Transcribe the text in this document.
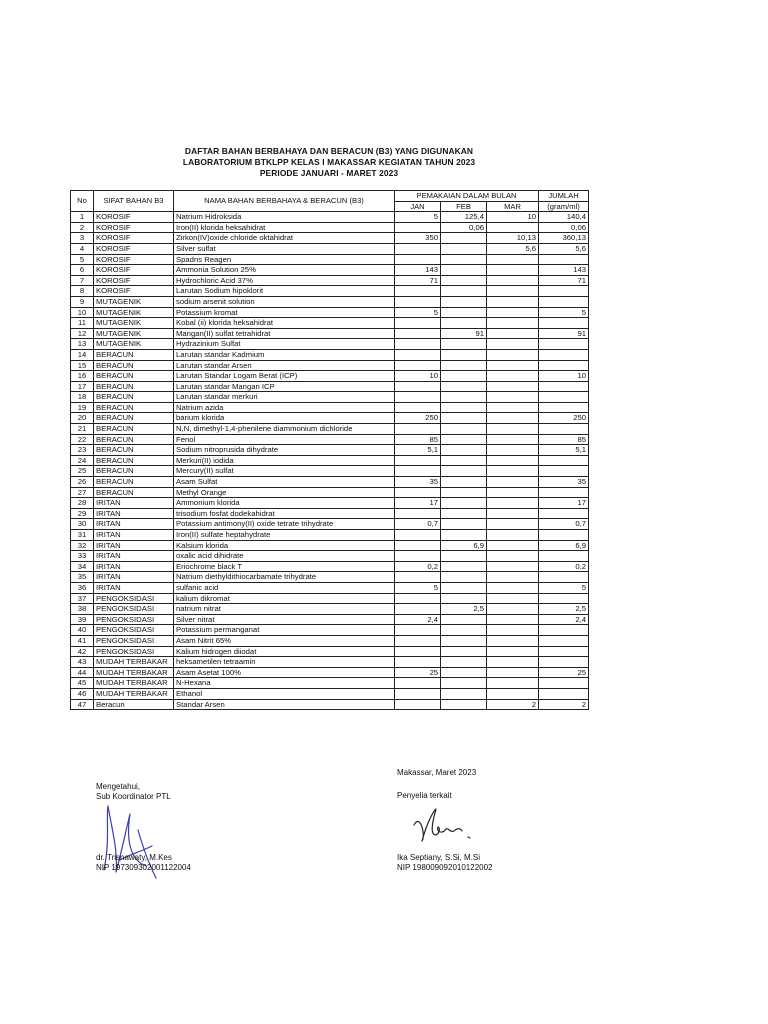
DAFTAR BAHAN BERBAHAYA DAN BERACUN (B3) YANG DIGUNAKAN
LABORATORIUM BTKLPP KELAS I MAKASSAR KEGIATAN TAHUN 2023
PERIODE JANUARI - MARET 2023
No	SIFAT BAHAN B3	NAMA BAHAN BERBAHAYA & BERACUN (B3)	PEMAKAIAN DALAM BULAN			JUMLAH
			JAN	FEB	MAR	(gram/ml)
1	KOROSIF	Natrium Hidroksida	5	125,4	10	140,4
2	KOROSIF	Iron(II) klorida heksahidrat		0,06		0,06
3	KOROSIF	Zirkon(IV)oxide chloride oktahidrat	350		10,13	360,13
4	KOROSIF	Silver sulfat			5,6	5,6
5	KOROSIF	Spadns Reagen				
6	KOROSIF	Ammonia Solution 25%	143			143
7	KOROSIF	Hydrochloric Acid 37%	71			71
8	KOROSIF	Larutan Sodium hipoklorit				
9	MUTAGENIK	sodium arsenit solution				
10	MUTAGENIK	Potassium kromat	5			5
11	MUTAGENIK	Kobal (ii) klorida heksahidrat				
12	MUTAGENIK	Mangan(II) sulfat tetrahidrat		91		91
13	MUTAGENIK	Hydrazinium Sulfat				
14	BERACUN	Larutan standar Kadmium				
15	BERACUN	Larutan standar Arsen				
16	BERACUN	Larutan Standar Logam Berat (ICP)	10			10
17	BERACUN	Larutan standar Mangan ICP				
18	BERACUN	Larutan standar merkuri				
19	BERACUN	Natrium azida				
20	BERACUN	barium klorida	250			250
21	BERACUN	N,N, dimethyl-1,4-phenilene diammonium dichloride				
22	BERACUN	Fenol	85			85
23	BERACUN	Sodium nitroprusida dihydrate	5,1			5,1
24	BERACUN	Merkuri(II) iodida				
25	BERACUN	Mercury(II) sulfat				
26	BERACUN	Asam Sulfat	35			35
27	BERACUN	Methyl Orange				
28	IRITAN	Ammonium klorida	17			17
29	IRITAN	trisodium fosfat dodekahidrat				
30	IRITAN	Potassium antimony(II) oxide tetrate trihydrate	0,7			0,7
31	IRITAN	Iron(II) sulfate heptahydrate				
32	IRITAN	Kalsium klorida		6,9		6,9
33	IRITAN	oxalic acid dihidrate				
34	IRITAN	Eriochrome black T	0,2			0,2
35	IRITAN	Natrium diethyldithiocarbamate trihydrate				
36	IRITAN	sulfanic acid	5			5
37	PENGOKSIDASI	kalium dikromat				
38	PENGOKSIDASI	natrium nitrat		2,5		2,5
39	PENGOKSIDASI	Silver nitrat	2,4			2,4
40	PENGOKSIDASI	Potassium permanganat				
41	PENGOKSIDASI	Asam Nitrit 65%				
42	PENGOKSIDASI	Kalium hidrogen diiodat				
43	MUDAH TERBAKAR	heksametilen tetraamin				
44	MUDAH TERBAKAR	Asam Asetat 100%	25			25
45	MUDAH TERBAKAR	N-Hexana				
46	MUDAH TERBAKAR	Ethanol				
47	Beracun	Standar Arsen			2	2
Makassar, Maret 2023
Mengetahui,
Sub Koordinator PTL	Penyelia terkait
dr. Trisnawaty, M.Kes
NIP 197309302001122004
Ika Septiany, S.Si, M.Si
NIP 198009092010122002
